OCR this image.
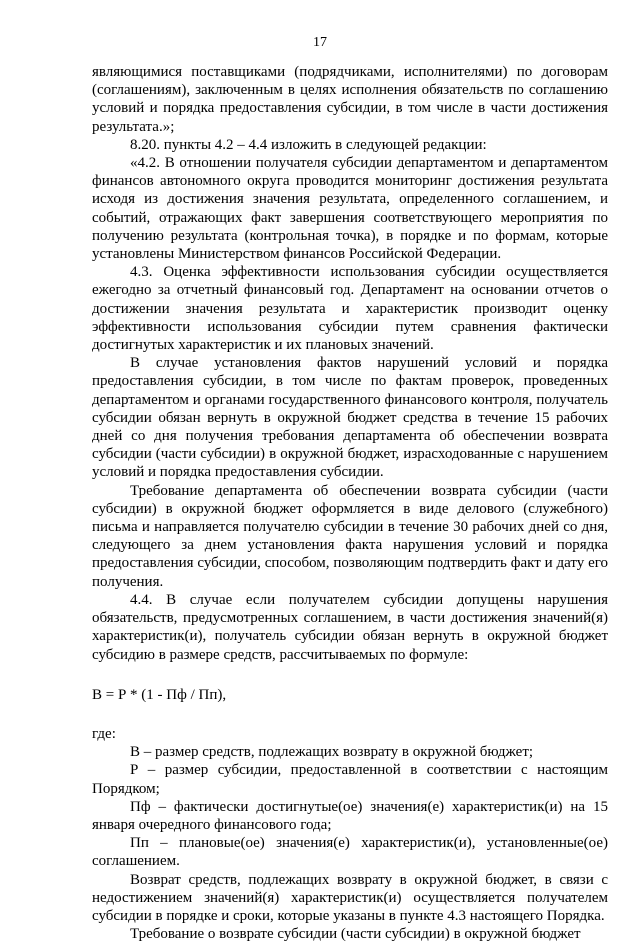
17

являющимися поставщиками (подрядчиками, исполнителями) по договорам (соглашениям), заключенным в целях исполнения обязательств по соглашению условий и порядка предоставления субсидии, в том числе в части достижения результата.»;

8.20. пункты 4.2 – 4.4 изложить в следующей редакции:

«4.2. В отношении получателя субсидии департаментом и департаментом финансов автономного округа проводится мониторинг достижения результата исходя из достижения значения результата, определенного соглашением, и событий, отражающих факт завершения соответствующего мероприятия по получению результата (контрольная точка), в порядке и по формам, которые установлены Министерством финансов Российской Федерации.

4.3. Оценка эффективности использования субсидии осуществляется ежегодно за отчетный финансовый год. Департамент на основании отчетов о достижении значения результата и характеристик производит оценку эффективности использования субсидии путем сравнения фактически достигнутых характеристик и их плановых значений.

В случае установления фактов нарушений условий и порядка предоставления субсидии, в том числе по фактам проверок, проведенных департаментом и органами государственного финансового контроля, получатель субсидии обязан вернуть в окружной бюджет средства в течение 15 рабочих дней со дня получения требования департамента об обеспечении возврата субсидии (части субсидии) в окружной бюджет, израсходованные с нарушением условий и порядка предоставления субсидии.

Требование департамента об обеспечении возврата субсидии (части субсидии) в окружной бюджет оформляется в виде делового (служебного) письма и направляется получателю субсидии в течение 30 рабочих дней со дня, следующего за днем установления факта нарушения условий и порядка предоставления субсидии, способом, позволяющим подтвердить факт и дату его получения.

4.4. В случае если получателем субсидии допущены нарушения обязательств, предусмотренных соглашением, в части достижения значений(я) характеристик(и), получатель субсидии обязан вернуть в окружной бюджет субсидию в размере средств, рассчитываемых по формуле:

В = Р * (1 - Пф / Пп),

где:

В – размер средств, подлежащих возврату в окружной бюджет;

Р – размер субсидии, предоставленной в соответствии с настоящим Порядком;

Пф – фактически достигнутые(ое) значения(е) характеристик(и) на 15 января очередного финансового года;

Пп – плановые(ое) значения(е) характеристик(и), установленные(ое) соглашением.

Возврат средств, подлежащих возврату в окружной бюджет, в связи с недостижением значений(я) характеристик(и) осуществляется получателем субсидии в порядке и сроки, которые указаны в пункте 4.3 настоящего Порядка.

Требование о возврате субсидии (части субсидии) в окружной бюджет
